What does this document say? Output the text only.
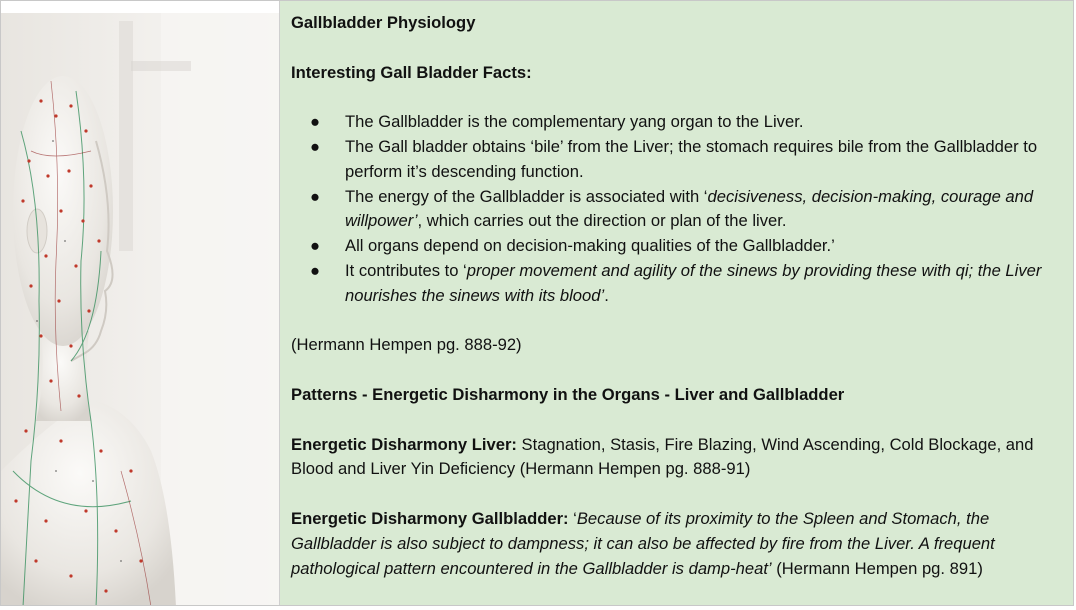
Gallbladder Physiology

Interesting Gall Bladder Facts:

● The Gallbladder is the complementary yang organ to the Liver.
● The Gall bladder obtains ‘bile’ from the Liver; the stomach requires bile from the Gallbladder to perform it’s descending function.
● The energy of the Gallbladder is associated with ‘decisiveness, decision-making, courage and willpower’, which carries out the direction or plan of the liver.
● All organs depend on decision-making qualities of the Gallbladder.’
● It contributes to ‘proper movement and agility of the sinews by providing these with qi; the Liver nourishes the sinews with its blood’.

(Hermann Hempen pg. 888-92)

Patterns - Energetic Disharmony in the Organs - Liver and Gallbladder

Energetic Disharmony Liver: Stagnation, Stasis, Fire Blazing, Wind Ascending, Cold Blockage, and Blood and Liver Yin Deficiency (Hermann Hempen pg. 888-91)

Energetic Disharmony Gallbladder: ‘Because of its proximity to the Spleen and Stomach, the Gallbladder is also subject to dampness; it can also be affected by fire from the Liver. A frequent pathological pattern encountered in the Gallbladder is damp-heat’ (Hermann Hempen pg. 891)
